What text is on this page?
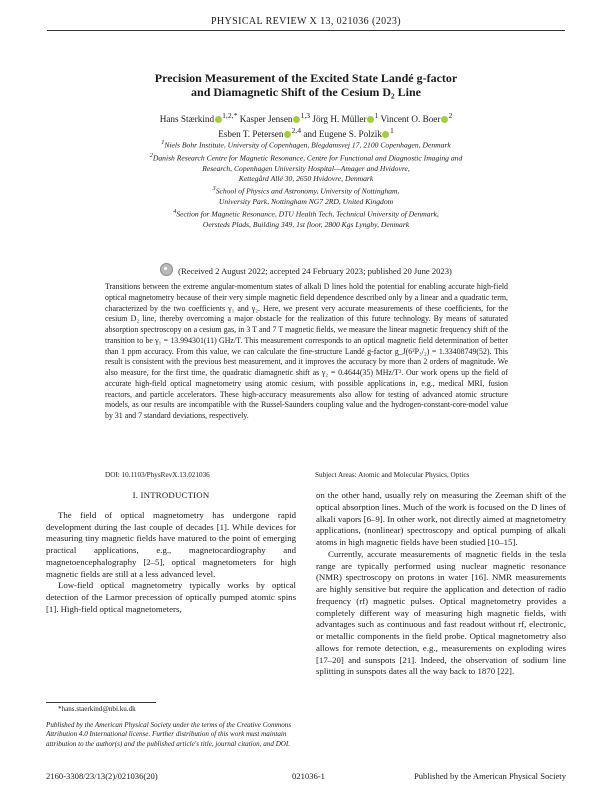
PHYSICAL REVIEW X 13, 021036 (2023)
Precision Measurement of the Excited State Landé g-factor
and Diamagnetic Shift of the Cesium D₂ Line
Hans Stærkind $^{1,2,*}$ Kasper Jensen $^{1,3}$ Jörg H. Müller $^1$ Vincent O. Boer $^2$
Esben T. Petersen $^{2,4}$ and Eugene S. Polzik $^1$
$^1$Niels Bohr Institute, University of Copenhagen, Blegdamsvej 17, 2100 Copenhagen, Denmark
$^2$Danish Research Centre for Magnetic Resonance, Centre for Functional and Diagnostic Imaging and
Research, Copenhagen University Hospital—Amager and Hvidovre,
Kettegård Allé 30, 2650 Hvidovre, Denmark
$^3$School of Physics and Astronomy, University of Nottingham,
University Park, Nottingham NG7 2RD, United Kingdom
$^4$Section for Magnetic Resonance, DTU Health Tech, Technical University of Denmark,
Oersteds Plads, Building 349, 1st floor, 2800 Kgs Lyngby, Denmark
(Received 2 August 2022; accepted 24 February 2023; published 20 June 2023)
Transitions between the extreme angular-momentum states of alkali D lines hold the potential for enabling accurate high-field optical magnetometry because of their very simple magnetic field dependence described only by a linear and a quadratic term, characterized by the two coefficients γ₁ and γ₂. Here, we present very accurate measurements of these coefficients, for the cesium D₂ line, thereby overcoming a major obstacle for the realization of this future technology. By means of saturated absorption spectroscopy on a cesium gas, in 3 T and 7 T magnetic fields, we measure the linear magnetic frequency shift of the transition to be γ₁ = 13.994301(11) GHz/T. This measurement corresponds to an optical magnetic field determination of better than 1 ppm accuracy. From this value, we can calculate the fine-structure Landé g-factor g_J(6²P₃/₂) = 1.33408749(52). This result is consistent with the previous best measurement, and it improves the accuracy by more than 2 orders of magnitude. We also measure, for the first time, the quadratic diamagnetic shift as γ₂ = 0.4644(35) MHz/T². Our work opens up the field of accurate high-field optical magnetometry using atomic cesium, with possible applications in, e.g., medical MRI, fusion reactors, and particle accelerators. These high-accuracy measurements also allow for testing of advanced atomic structure models, as our results are incompatible with the Russel-Saunders coupling value and the hydrogen-constant-core-model value by 31 and 7 standard deviations, respectively.
DOI: 10.1103/PhysRevX.13.021036	Subject Areas: Atomic and Molecular Physics, Optics
I. INTRODUCTION

The field of optical magnetometry has undergone rapid development during the last couple of decades [1]. While devices for measuring tiny magnetic fields have matured to the point of emerging practical applications, e.g., magnetocardiography and magnetoencephalography [2–5], optical magnetometers for high magnetic fields are still at a less advanced level.

Low-field optical magnetometry typically works by optical detection of the Larmor precession of optically pumped atomic spins [1]. High-field optical magnetometers,

on the other hand, usually rely on measuring the Zeeman shift of the optical absorption lines. Much of the work is focused on the D lines of alkali vapors [6–9]. In other work, not directly aimed at magnetometry applications, (nonlinear) spectroscopy and optical pumping of alkali atoms in high magnetic fields have been studied [10–15].

Currently, accurate measurements of magnetic fields in the tesla range are typically performed using nuclear magnetic resonance (NMR) spectroscopy on protons in water [16]. NMR measurements are highly sensitive but require the application and detection of radio frequency (rf) magnetic pulses. Optical magnetometry provides a completely different way of measuring high magnetic fields, with advantages such as continuous and fast readout without rf, electronic, or metallic components in the field probe. Optical magnetometry also allows for remote detection, e.g., measurements on exploding wires [17–20] and sunspots [21]. Indeed, the observation of sodium line splitting in sunspots dates all the way back to 1870 [22].

*hans.staerkind@nbi.ku.dk
Published by the American Physical Society under the terms of the Creative Commons Attribution 4.0 International license. Further distribution of this work must maintain attribution to the author(s) and the published article's title, journal citation, and DOI.
2160-3308/23/13(2)/021036(20)	021036-1	Published by the American Physical Society
